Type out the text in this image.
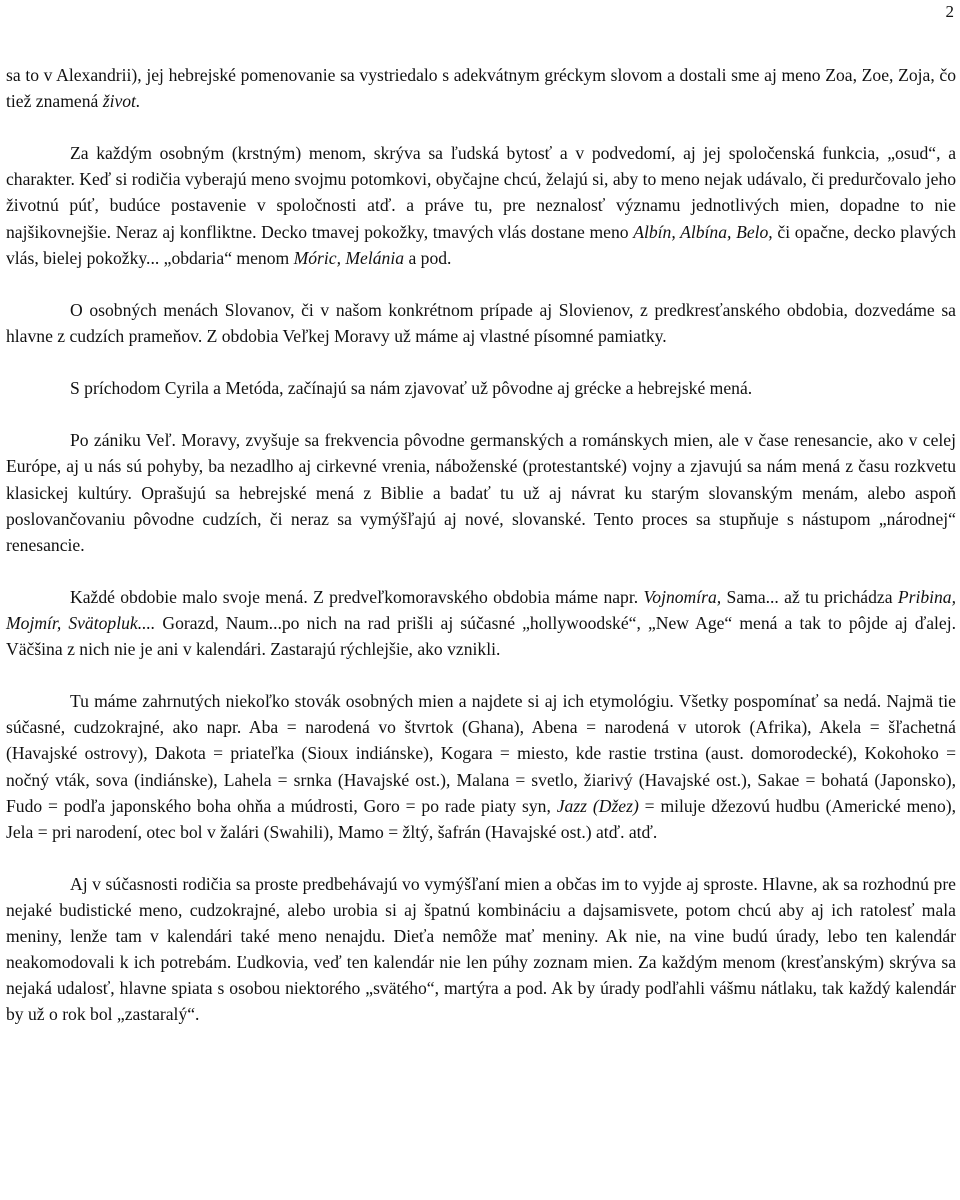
2

sa to v Alexandrii), jej hebrejské pomenovanie sa vystriedalo s adekvátnym gréckym slovom a dostali sme aj meno Zoa, Zoe, Zoja, čo tiež znamená život.

Za každým osobným (krstným) menom, skrýva sa ľudská bytosť a v podvedomí, aj jej spoločenská funkcia, „osud“, a charakter. Keď si rodičia vyberajú meno svojmu potomkovi, obyčajne chcú, želajú si, aby to meno nejak udávalo, či predurčovalo jeho životnú púť, budúce postavenie v spoločnosti atď. a práve tu, pre neznalosť významu jednotlivých mien, dopadne to nie najšikovnejšie. Neraz aj konfliktne. Decko tmavej pokožky, tmavých vlás dostane meno Albín, Albína, Belo, či opačne, decko plavých vlás, bielej pokožky... „obdaria“ menom Móric, Melánia a pod.

O osobných menách Slovanov, či v našom konkrétnom prípade aj Slovienov, z predkresťanského obdobia, dozvedáme sa hlavne z cudzích prameňov. Z obdobia Veľkej Moravy už máme aj vlastné písomné pamiatky.

S príchodom Cyrila a Metóda, začínajú sa nám zjavovať už pôvodne aj grécke a hebrejské mená.

Po zániku Veľ. Moravy, zvyšuje sa frekvencia pôvodne germanských a románskych mien, ale v čase renesancie, ako v celej Európe, aj u nás sú pohyby, ba nezadlho aj cirkevné vrenia, náboženské (protestantské) vojny a zjavujú sa nám mená z času rozkvetu klasickej kultúry. Oprašujú sa hebrejské mená z Biblie a badať tu už aj návrat ku starým slovanským menám, alebo aspoň poslovančovaniu pôvodne cudzích, či neraz sa vymýšľajú aj nové, slovanské. Tento proces sa stupňuje s nástupom „národnej“ renesancie.

Každé obdobie malo svoje mená. Z predveľkomoravského obdobia máme napr. Vojnomíra, Sama... až tu prichádza Pribina, Mojmír, Svätopluk.... Gorazd, Naum...po nich na rad prišli aj súčasné „hollywoodské“, „New Age“ mená a tak to pôjde aj ďalej. Väčšina z nich nie je ani v kalendári. Zastarajú rýchlejšie, ako vznikli.

Tu máme zahrnutých niekoľko stovák osobných mien a najdete si aj ich etymológiu. Všetky pospomínať sa nedá. Najmä tie súčasné, cudzokrajné, ako napr. Aba = narodená vo štvrtok (Ghana), Abena = narodená v utorok (Afrika), Akela = šľachetná (Havajské ostrovy), Dakota = priateľka (Sioux indiánske), Kogara = miesto, kde rastie trstina (aust. domorodecké), Kokohoko = nočný vták, sova (indiánske), Lahela = srnka (Havajské ost.), Malana = svetlo, žiarivý (Havajské ost.), Sakae = bohatá (Japonsko), Fudo = podľa japonského boha ohňa a múdrosti, Goro = po rade piaty syn, Jazz (Džez) = miluje džezovú hudbu (Americké meno), Jela = pri narodení, otec bol v žalári (Swahili), Mamo = žltý, šafrán (Havajské ost.) atď. atď.

Aj v súčasnosti rodičia sa proste predbehávajú vo vymýšľaní mien a občas im to vyjde aj sproste. Hlavne, ak sa rozhodnú pre nejaké budistické meno, cudzokrajné, alebo urobia si aj špatnú kombináciu a dajsamisvete, potom chcú aby aj ich ratolesť mala meniny, lenže tam v kalendári také meno nenajdu. Dieťa nemôže mať meniny. Ak nie, na vine budú úrady, lebo ten kalendár neakomodovali k ich potrebám. Ľudkovia, veď ten kalendár nie len púhy zoznam mien. Za každým menom (kresťanským) skrýva sa nejaká udalosť, hlavne spiata s osobou niektorého „svätého“, martýra a pod. Ak by úrady podľahli vášmu nátlaku, tak každý kalendár by už o rok bol „zastaralý“.
